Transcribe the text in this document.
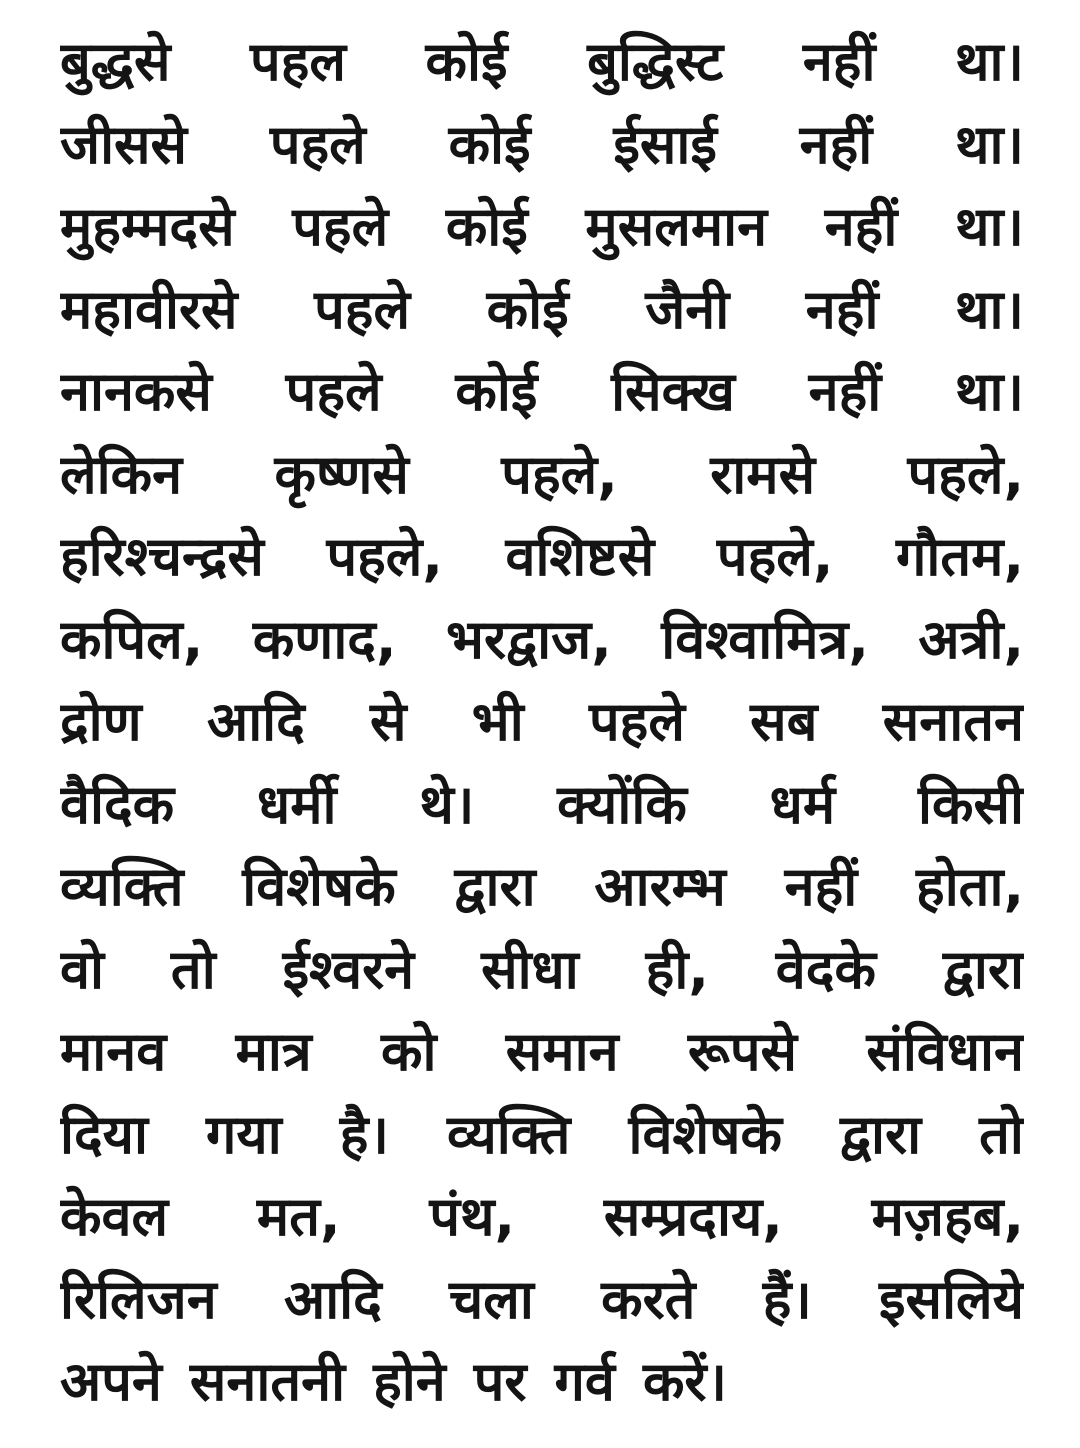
बुद्धसे पहल कोई बुद्धिस्ट नहीं था।
जीससे पहले कोई ईसाई नहीं था।
मुहम्मदसे पहले कोई मुसलमान नहीं था।
महावीरसे पहले कोई जैनी नहीं था।
नानकसे पहले कोई सिक्ख नहीं था।
लेकिन कृष्णसे पहले, रामसे पहले,
हरिश्चन्द्रसे पहले, वशिष्टसे पहले, गौतम,
कपिल, कणाद, भरद्वाज, विश्वामित्र, अत्री,
द्रोण आदि से भी पहले सब सनातन
वैदिक धर्मी थे। क्योंकि धर्म किसी
व्यक्ति विशेषके द्वारा आरम्भ नहीं होता,
वो तो ईश्वरने सीधा ही, वेदके द्वारा
मानव मात्र को समान रूपसे संविधान
दिया गया है। व्यक्ति विशेषके द्वारा तो
केवल मत, पंथ, सम्प्रदाय, मज़हब,
रिलिजन आदि चला करते हैं। इसलिये
अपने सनातनी होने पर गर्व करें।
